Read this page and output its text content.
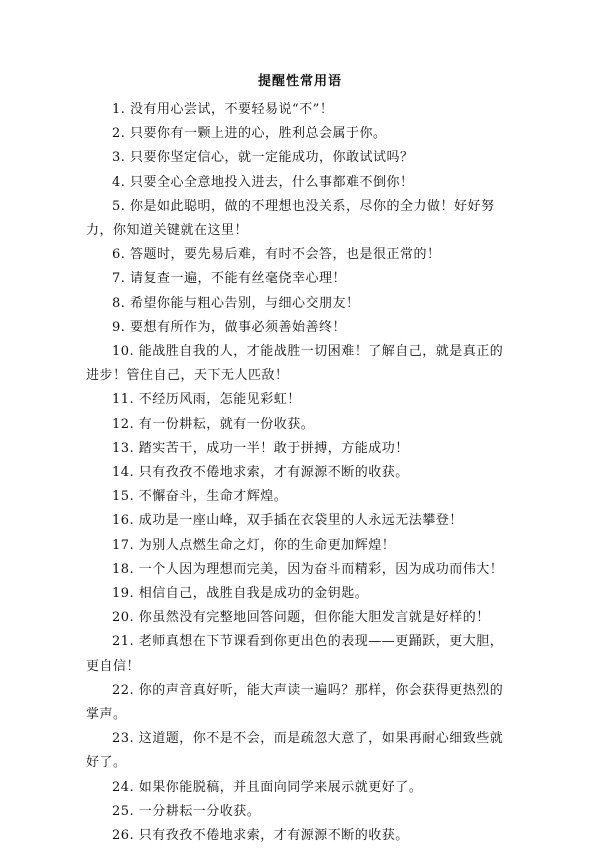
提醒性常用语
1. 没有用心尝试，不要轻易说“不”！
2. 只要你有一颗上进的心，胜利总会属于你。
3. 只要你坚定信心，就一定能成功，你敢试试吗？
4. 只要全心全意地投入进去，什么事都难不倒你！
5. 你是如此聪明，做的不理想也没关系，尽你的全力做！好好努力，你知道关键就在这里！
6. 答题时，要先易后难，有时不会答，也是很正常的！
7. 请复查一遍，不能有丝毫侥幸心理！
8. 希望你能与粗心告别，与细心交朋友！
9. 要想有所作为，做事必须善始善终！
10. 能战胜自我的人，才能战胜一切困难！了解自己，就是真正的进步！管住自己，天下无人匹敌！
11. 不经历风雨，怎能见彩虹！
12. 有一份耕耘，就有一份收获。
13. 踏实苦干，成功一半！敢于拼搏，方能成功！
14. 只有孜孜不倦地求索，才有源源不断的收获。
15. 不懈奋斗，生命才辉煌。
16. 成功是一座山峰，双手插在衣袋里的人永远无法攀登！
17. 为别人点燃生命之灯，你的生命更加辉煌！
18. 一个人因为理想而完美，因为奋斗而精彩，因为成功而伟大！
19. 相信自己，战胜自我是成功的金钥匙。
20. 你虽然没有完整地回答问题，但你能大胆发言就是好样的！
21. 老师真想在下节课看到你更出色的表现——更踊跃，更大胆，更自信！
22. 你的声音真好听，能大声读一遍吗？那样，你会获得更热烈的掌声。
23. 这道题，你不是不会，而是疏忽大意了，如果再耐心细致些就好了。
24. 如果你能脱稿，并且面向同学来展示就更好了。
25. 一分耕耘一分收获。
26. 只有孜孜不倦地求索，才有源源不断的收获。
